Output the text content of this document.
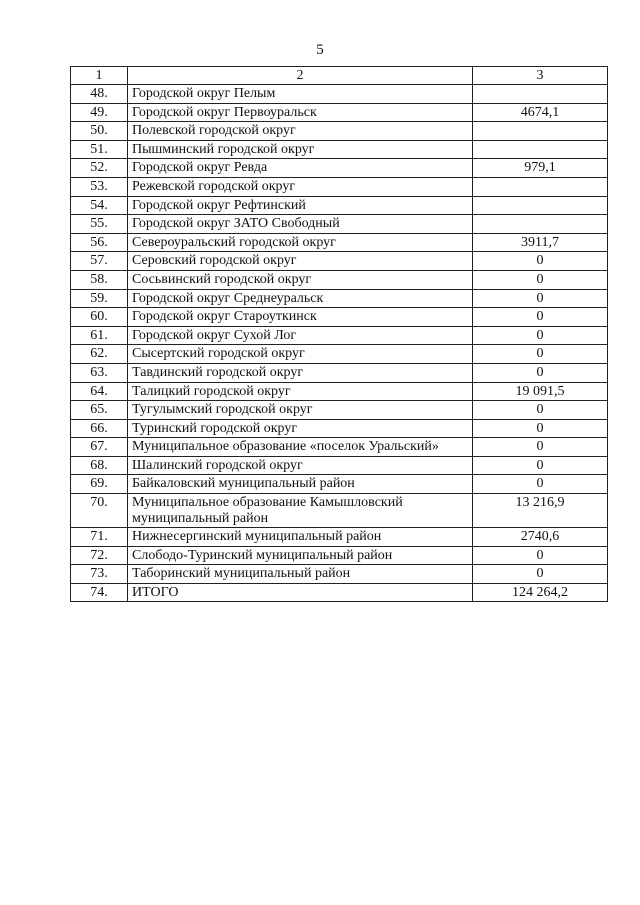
5
1	2	3
48.	Городской округ Пелым	
49.	Городской округ Первоуральск	4674,1
50.	Полевской городской округ	
51.	Пышминский городской округ	
52.	Городской округ Ревда	979,1
53.	Режевской городской округ	
54.	Городской округ Рефтинский	
55.	Городской округ ЗАТО Свободный	
56.	Североуральский городской округ	3911,7
57.	Серовский городской округ	0
58.	Сосьвинский городской округ	0
59.	Городской округ Среднеуральск	0
60.	Городской округ Староуткинск	0
61.	Городской округ Сухой Лог	0
62.	Сысертский городской округ	0
63.	Тавдинский городской округ	0
64.	Талицкий городской округ	19 091,5
65.	Тугулымский городской округ	0
66.	Туринский городской округ	0
67.	Муниципальное образование «поселок Уральский»	0
68.	Шалинский городской округ	0
69.	Байкаловский муниципальный район	0
70.	Муниципальное образование Камышловский муниципальный район	13 216,9
71.	Нижнесергинский муниципальный район	2740,6
72.	Слободо-Туринский муниципальный район	0
73.	Таборинский муниципальный район	0
74.	ИТОГО	124 264,2
